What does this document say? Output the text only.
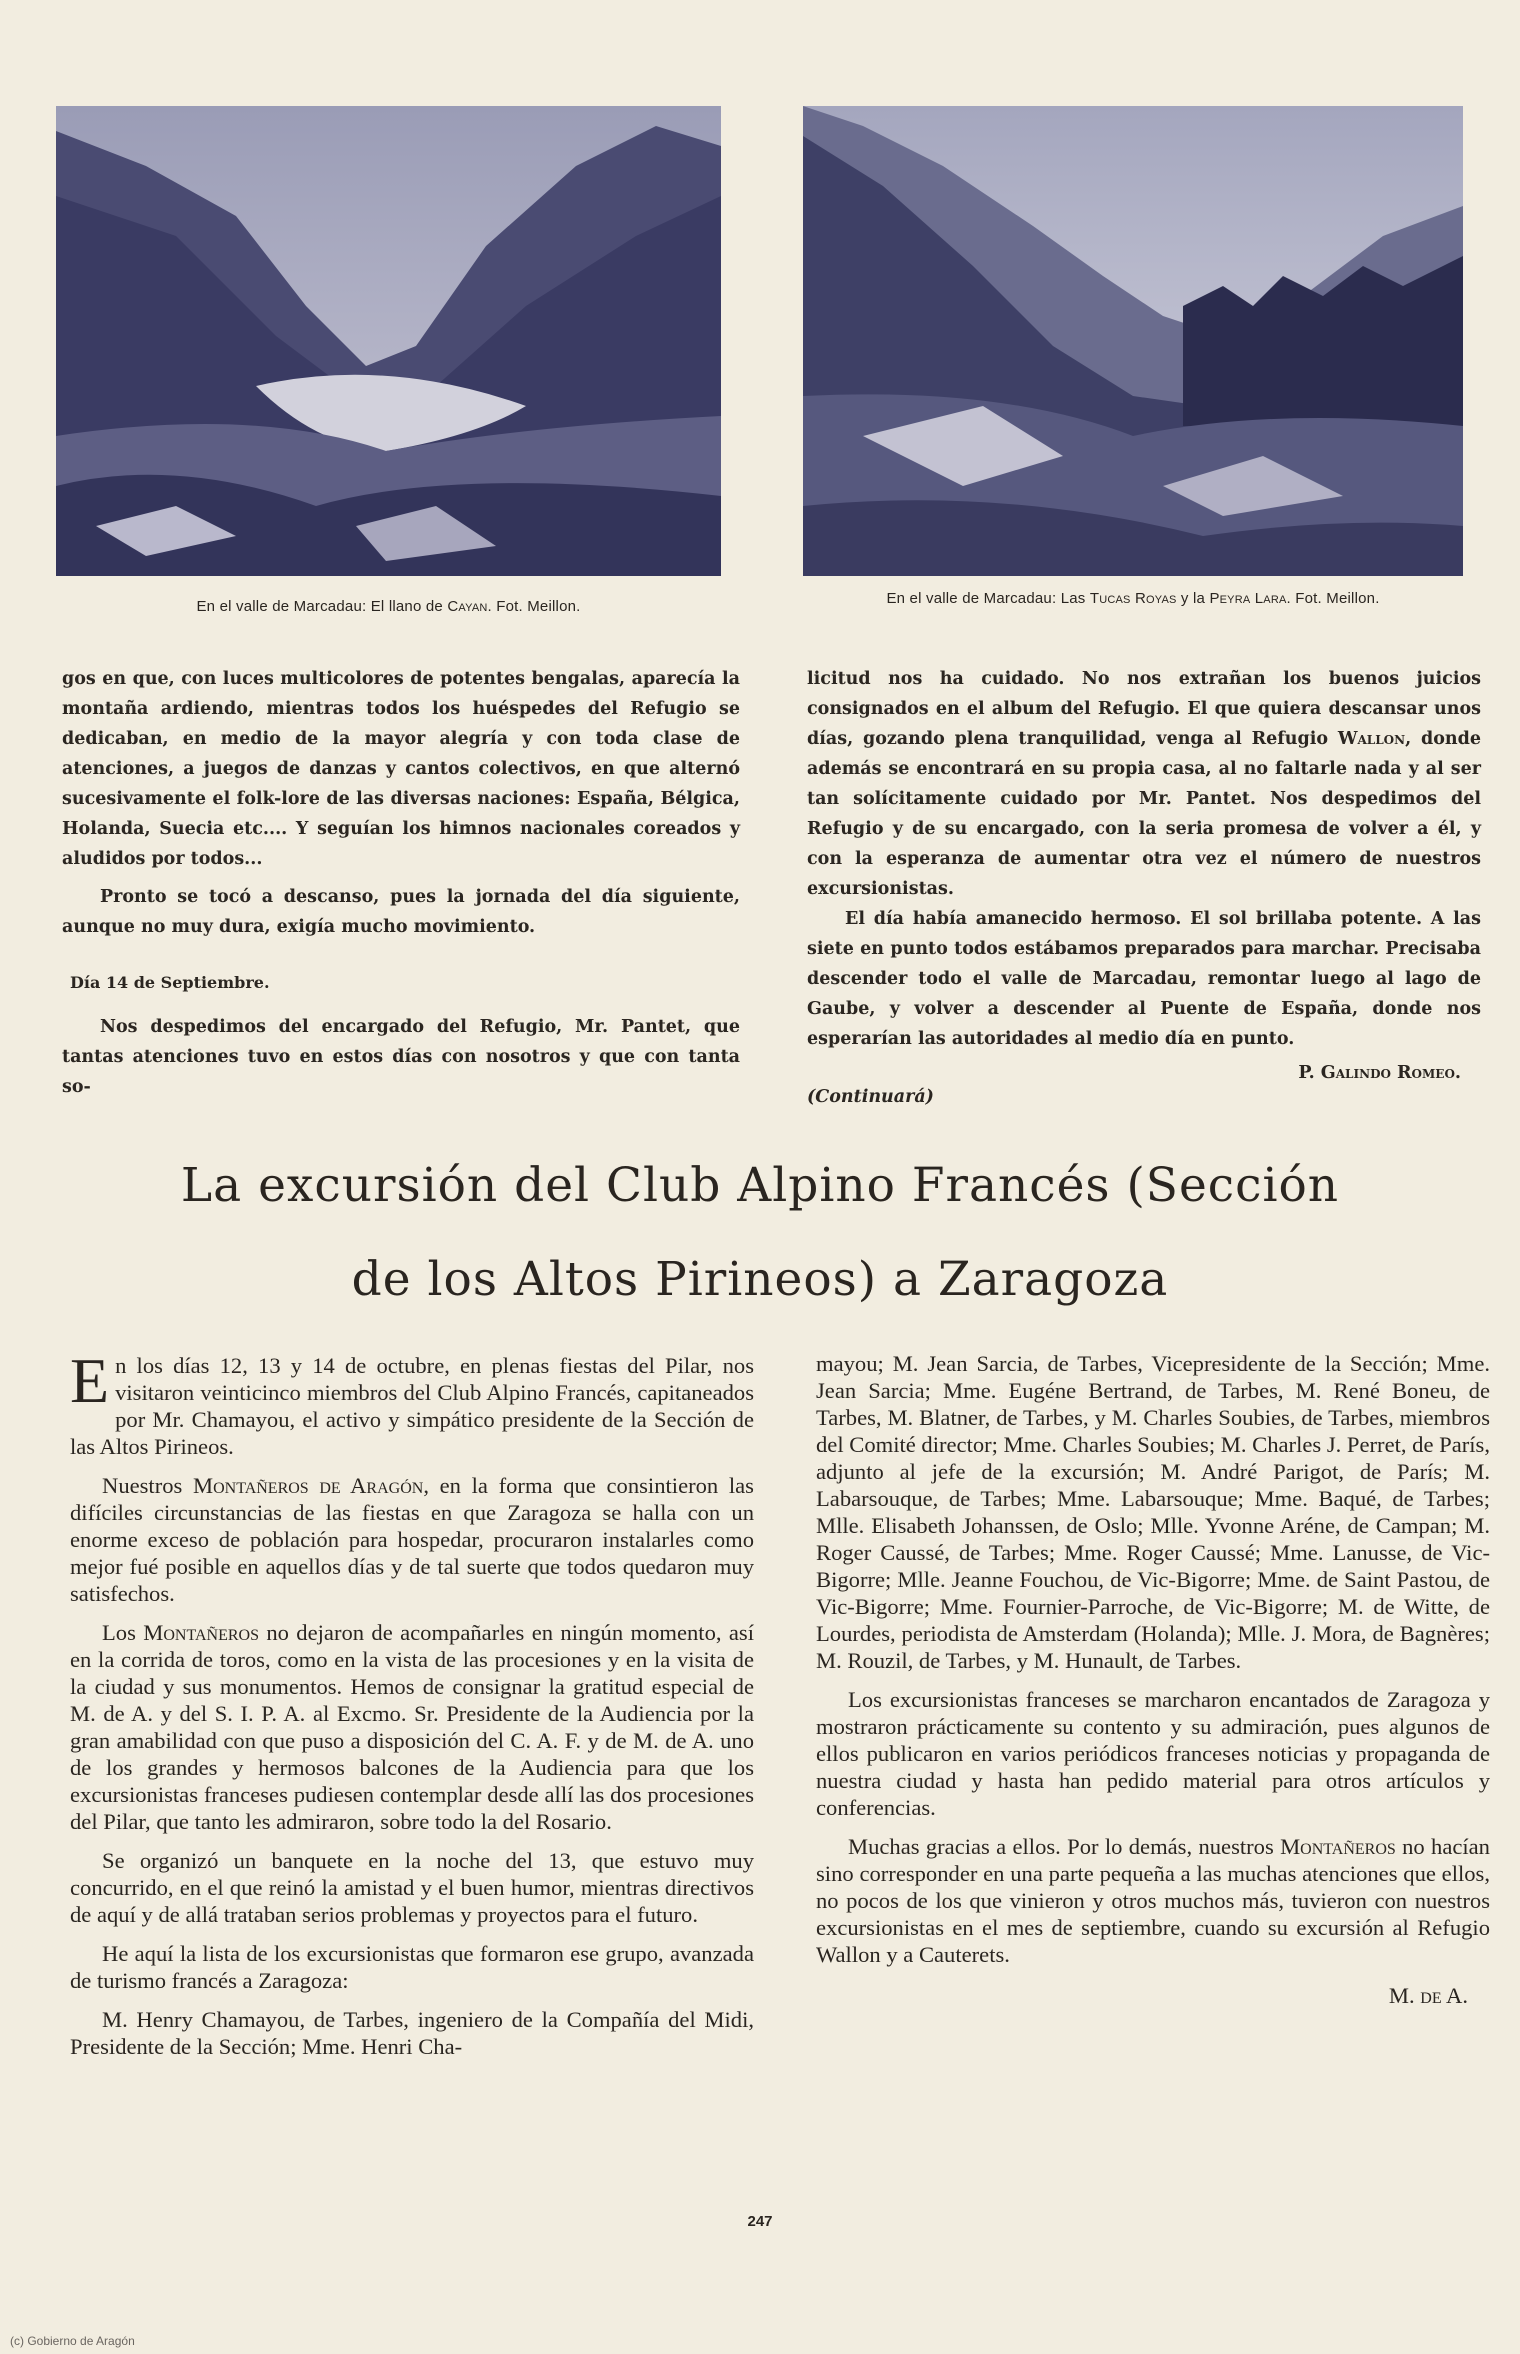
En el valle de Marcadau: El llano de Cayan. Fot. Meillon.	En el valle de Marcadau: Las Tucas Royas y la Peyra Lara. Fot. Meillon.

gos en que, con luces multicolores de potentes bengalas, aparecía la montaña ardiendo, mientras todos los huéspedes del Refugio se dedicaban, en medio de la mayor alegría y con toda clase de atenciones, a juegos de danzas y cantos colectivos, en que alternó sucesivamente el folk-lore de las diversas naciones: España, Bélgica, Holanda, Suecia etc.... Y seguían los himnos nacionales coreados y aludidos por todos...

Pronto se tocó a descanso, pues la jornada del día siguiente, aunque no muy dura, exigía mucho movimiento.

Día 14 de Septiembre.

Nos despedimos del encargado del Refugio, Mr. Pantet, que tantas atenciones tuvo en estos días con nosotros y que con tanta so-

licitud nos ha cuidado. No nos extrañan los buenos juicios consignados en el album del Refugio. El que quiera descansar unos días, gozando plena tranquilidad, venga al Refugio Wallon, donde además se encontrará en su propia casa, al no faltarle nada y al ser tan solícitamente cuidado por Mr. Pantet. Nos despedimos del Refugio y de su encargado, con la seria promesa de volver a él, y con la esperanza de aumentar otra vez el número de nuestros excursionistas.

El día había amanecido hermoso. El sol brillaba potente. A las siete en punto todos estábamos preparados para marchar. Precisaba descender todo el valle de Marcadau, remontar luego al lago de Gaube, y volver a descender al Puente de España, donde nos esperarían las autoridades al medio día en punto.

P. Galindo Romeo.

(Continuará)

La excursión del Club Alpino Francés (Sección
de los Altos Pirineos) a Zaragoza

En los días 12, 13 y 14 de octubre, en plenas fiestas del Pilar, nos visitaron veinticinco miembros del Club Alpino Francés, capitaneados por Mr. Chamayou, el activo y simpático presidente de la Sección de las Altos Pirineos.

Nuestros Montañeros de Aragón, en la forma que consintieron las difíciles circunstancias de las fiestas en que Zaragoza se halla con un enorme exceso de población para hospedar, procuraron instalarles como mejor fué posible en aquellos días y de tal suerte que todos quedaron muy satisfechos.

Los Montañeros no dejaron de acompañarles en ningún momento, así en la corrida de toros, como en la vista de las procesiones y en la visita de la ciudad y sus monumentos. Hemos de consignar la gratitud especial de M. de A. y del S. I. P. A. al Excmo. Sr. Presidente de la Audiencia por la gran amabilidad con que puso a disposición del C. A. F. y de M. de A. uno de los grandes y hermosos balcones de la Audiencia para que los excursionistas franceses pudiesen contemplar desde allí las dos procesiones del Pilar, que tanto les admiraron, sobre todo la del Rosario.

Se organizó un banquete en la noche del 13, que estuvo muy concurrido, en el que reinó la amistad y el buen humor, mientras directivos de aquí y de allá trataban serios problemas y proyectos para el futuro.

He aquí la lista de los excursionistas que formaron ese grupo, avanzada de turismo francés a Zaragoza:

M. Henry Chamayou, de Tarbes, ingeniero de la Compañía del Midi, Presidente de la Sección; Mme. Henri Cha-

mayou; M. Jean Sarcia, de Tarbes, Vicepresidente de la Sección; Mme. Jean Sarcia; Mme. Eugéne Bertrand, de Tarbes, M. René Boneu, de Tarbes, M. Blatner, de Tarbes, y M. Charles Soubies, de Tarbes, miembros del Comité director; Mme. Charles Soubies; M. Charles J. Perret, de París, adjunto al jefe de la excursión; M. André Parigot, de París; M. Labarsouque, de Tarbes; Mme. Labarsouque; Mme. Baqué, de Tarbes; Mlle. Elisabeth Johanssen, de Oslo; Mlle. Yvonne Aréne, de Campan; M. Roger Caussé, de Tarbes; Mme. Roger Caussé; Mme. Lanusse, de Vic-Bigorre; Mlle. Jeanne Fouchou, de Vic-Bigorre; Mme. de Saint Pastou, de Vic-Bigorre; Mme. Fournier-Parroche, de Vic-Bigorre; M. de Witte, de Lourdes, periodista de Amsterdam (Holanda); Mlle. J. Mora, de Bagnères; M. Rouzil, de Tarbes, y M. Hunault, de Tarbes.

Los excursionistas franceses se marcharon encantados de Zaragoza y mostraron prácticamente su contento y su admiración, pues algunos de ellos publicaron en varios periódicos franceses noticias y propaganda de nuestra ciudad y hasta han pedido material para otros artículos y conferencias.

Muchas gracias a ellos. Por lo demás, nuestros Montañeros no hacían sino corresponder en una parte pequeña a las muchas atenciones que ellos, no pocos de los que vinieron y otros muchos más, tuvieron con nuestros excursionistas en el mes de septiembre, cuando su excursión al Refugio Wallon y a Cauterets.

M. de A.

247
(c) Gobierno de Aragón
